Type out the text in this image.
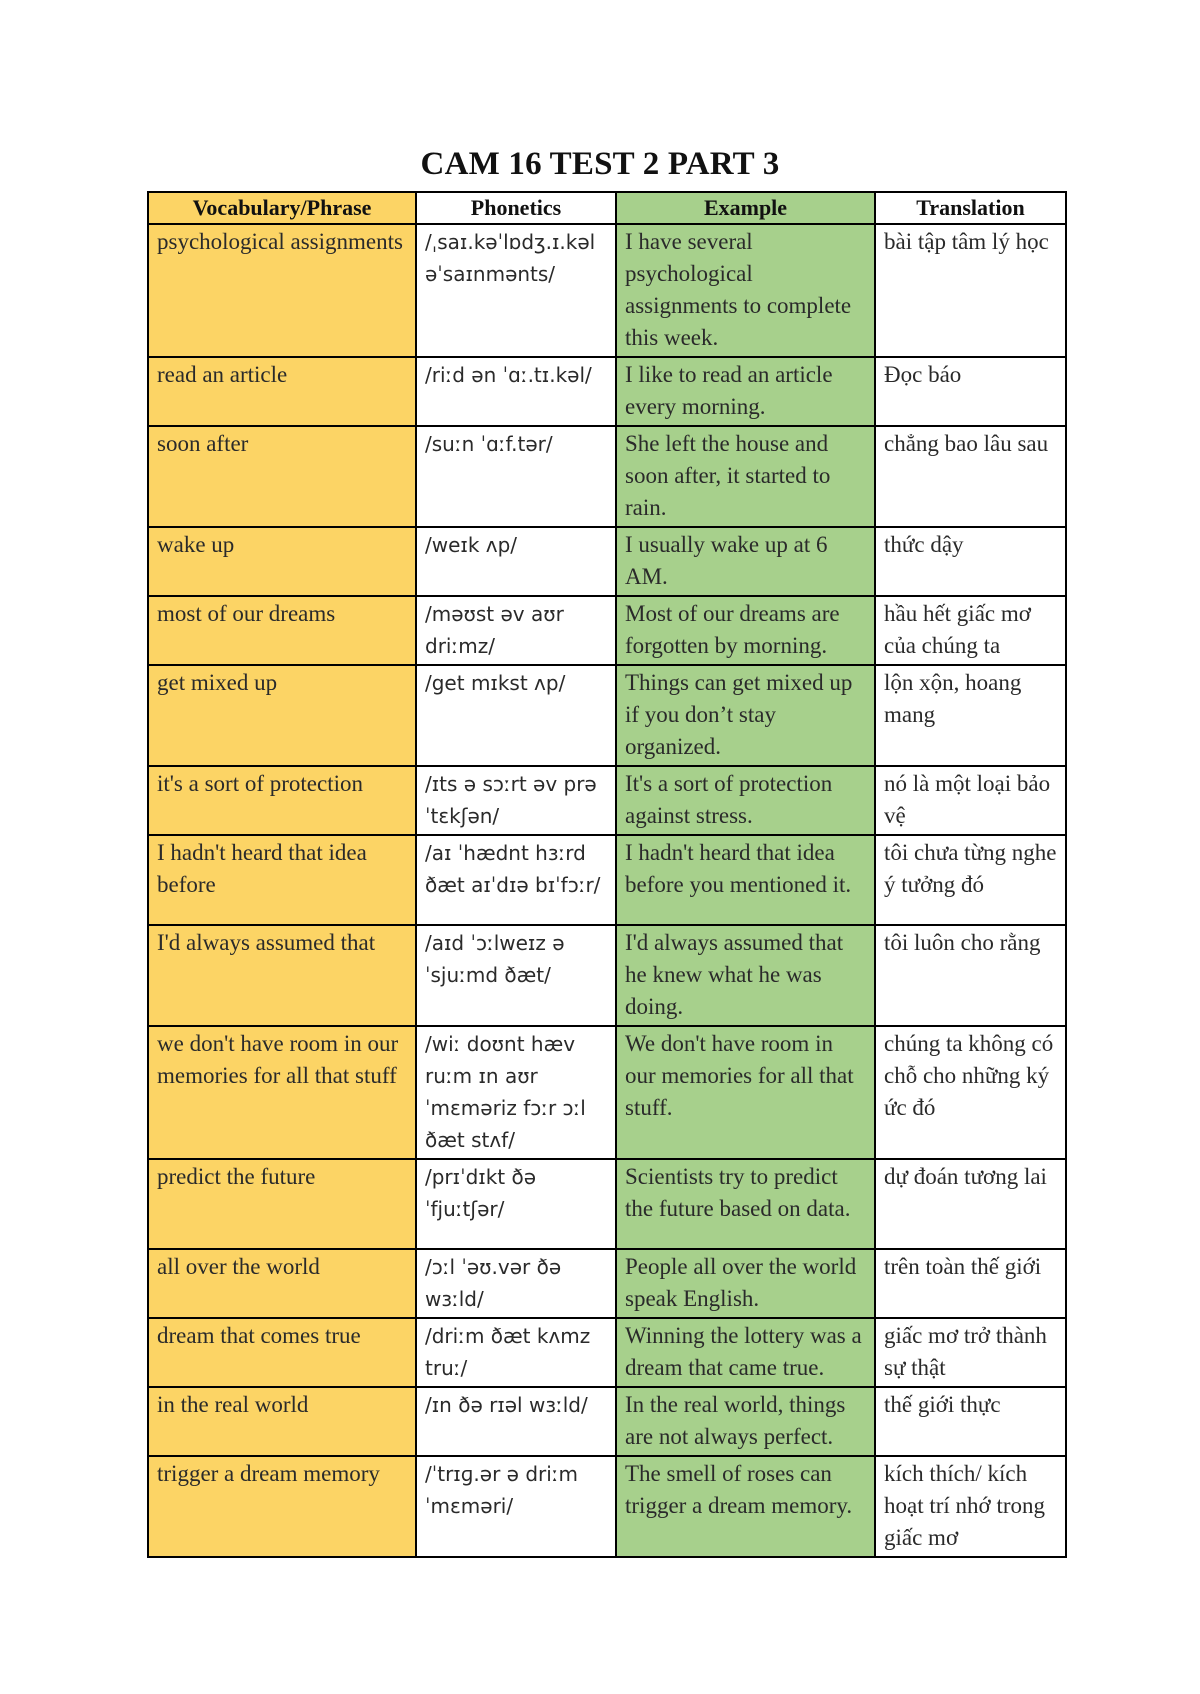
CAM 16 TEST 2 PART 3
Vocabulary/Phrase	Phonetics	Example	Translation
psychological assignments	/ˌsaɪ.kəˈlɒdʒ.ɪ.kəl əˈsaɪnmənts/	I have several psychological assignments to complete this week.	bài tập tâm lý học
read an article	/riːd ən ˈɑː.tɪ.kəl/	I like to read an article every morning.	Đọc báo
soon after	/suːn ˈɑːf.tər/	She left the house and soon after, it started to rain.	chẳng bao lâu sau
wake up	/weɪk ʌp/	I usually wake up at 6 AM.	thức dậy
most of our dreams	/məʊst əv aʊr driːmz/	Most of our dreams are forgotten by morning.	hầu hết giấc mơ của chúng ta
get mixed up	/get mɪkst ʌp/	Things can get mixed up if you don’t stay organized.	lộn xộn, hoang mang
it's a sort of protection	/ɪts ə sɔːrt əv prəˈtɛkʃən/	It's a sort of protection against stress.	nó là một loại bảo vệ
I hadn't heard that idea before	/aɪ ˈhædnt hɜːrd ðæt aɪˈdɪə bɪˈfɔːr/	I hadn't heard that idea before you mentioned it.	tôi chưa từng nghe ý tưởng đó
I'd always assumed that	/aɪd ˈɔːlweɪz əˈsjuːmd ðæt/	I'd always assumed that he knew what he was doing.	tôi luôn cho rằng
we don't have room in our memories for all that stuff	/wiː doʊnt hæv ruːm ɪn aʊr ˈmɛməriz fɔːr ɔːl ðæt stʌf/	We don't have room in our memories for all that stuff.	chúng ta không có chỗ cho những ký ức đó
predict the future	/prɪˈdɪkt ðə ˈfjuːtʃər/	Scientists try to predict the future based on data.	dự đoán tương lai
all over the world	/ɔːl ˈəʊ.vər ðə wɜːld/	People all over the world speak English.	trên toàn thế giới
dream that comes true	/driːm ðæt kʌmz truː/	Winning the lottery was a dream that came true.	giấc mơ trở thành sự thật
in the real world	/ɪn ðə rɪəl wɜːld/	In the real world, things are not always perfect.	thế giới thực
trigger a dream memory	/ˈtrɪɡ.ər ə driːm ˈmɛməri/	The smell of roses can trigger a dream memory.	kích thích/ kích hoạt trí nhớ trong giấc mơ
